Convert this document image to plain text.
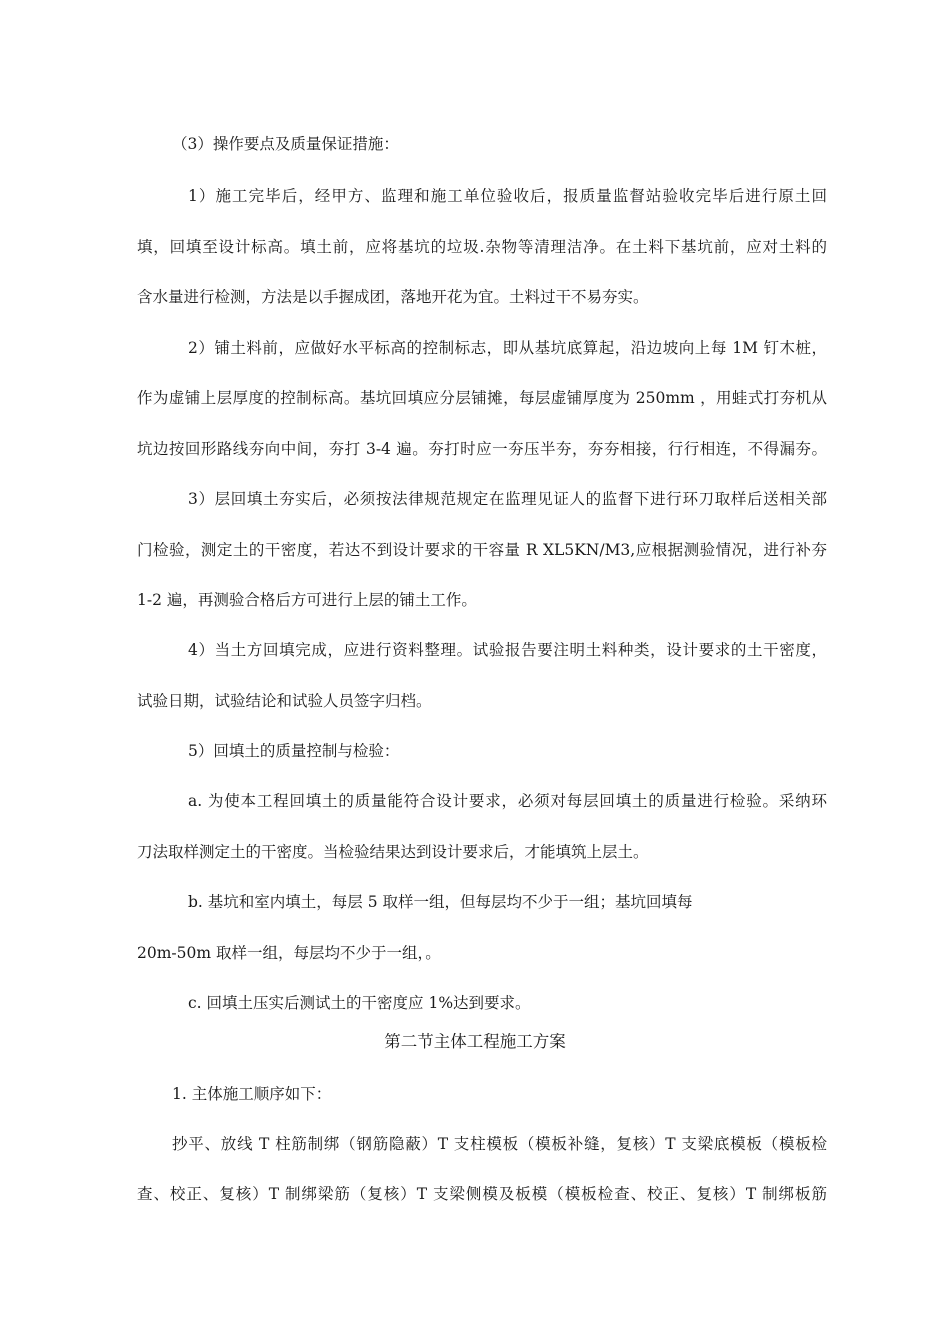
（3）操作要点及质量保证措施：
1）施工完毕后，经甲方、监理和施工单位验收后，报质量监督站验收完毕后进行原土回
填，回填至设计标高。填土前，应将基坑的垃圾.杂物等清理洁净。在土料下基坑前，应对土料的
含水量进行检测，方法是以手握成团，落地开花为宜。土料过干不易夯实。
2）铺土料前，应做好水平标高的控制标志，即从基坑底算起，沿边坡向上每 1M 钉木桩，
作为虚铺上层厚度的控制标高。基坑回填应分层铺摊，每层虚铺厚度为 250mm ，用蛙式打夯机从
坑边按回形路线夯向中间，夯打 3-4 遍。夯打时应一夯压半夯，夯夯相接，行行相连，不得漏夯。
3）层回填土夯实后，必须按法律规范规定在监理见证人的监督下进行环刀取样后送相关部
门检验，测定土的干密度，若达不到设计要求的干容量 R XL5KN/M3,应根据测验情况，进行补夯
1-2 遍，再测验合格后方可进行上层的铺土工作。
4）当土方回填完成，应进行资料整理。试验报告要注明土料种类，设计要求的土干密度，
试验日期，试验结论和试验人员签字归档。
5）回填土的质量控制与检验：
a. 为使本工程回填土的质量能符合设计要求，必须对每层回填土的质量进行检验。采纳环
刀法取样测定土的干密度。当检验结果达到设计要求后，才能填筑上层土。
b. 基坑和室内填土，每层 5 取样一组，但每层均不少于一组；基坑回填每
20m-50m 取样一组，每层均不少于一组，。
c. 回填土压实后测试土的干密度应 1%达到要求。
第二节主体工程施工方案
1. 主体施工顺序如下：
抄平、放线 T 柱筋制绑（钢筋隐蔽）T 支柱模板（模板补缝，复核）T 支梁底模板（模板检
查、校正、复核）T 制绑梁筋（复核）T 支梁侧模及板模（模板检查、校正、复核）T 制绑板筋
